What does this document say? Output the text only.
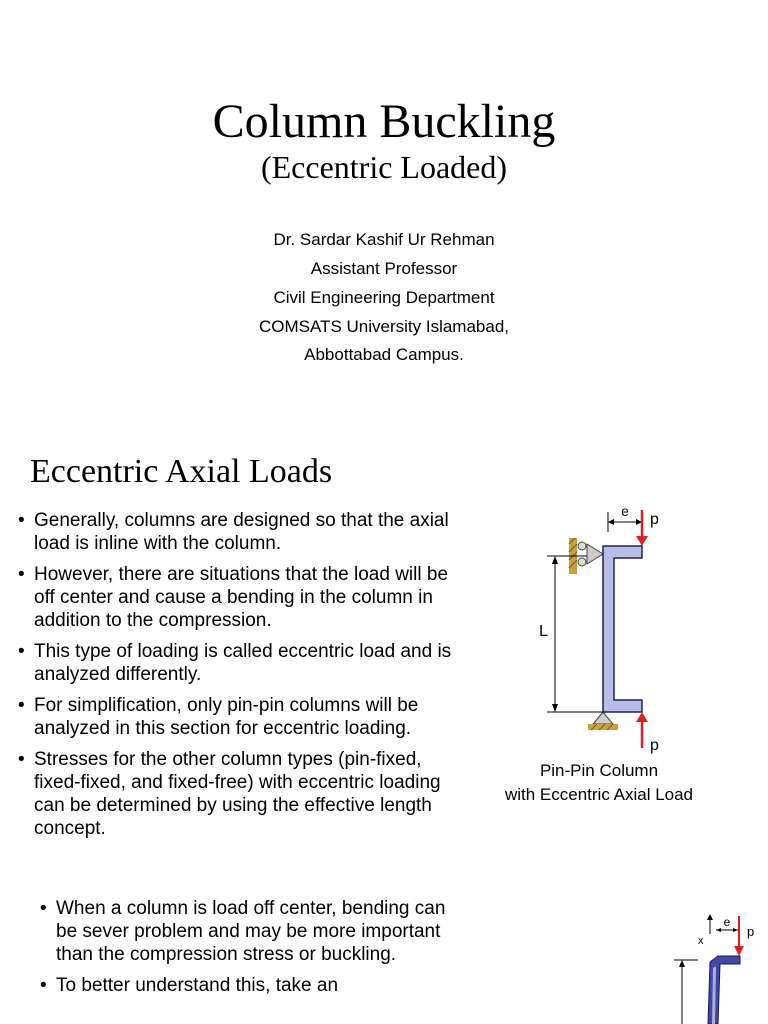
Column Buckling
(Eccentric Loaded)
Dr. Sardar Kashif Ur Rehman
Assistant Professor
Civil Engineering Department
COMSATS University Islamabad,
Abbottabad Campus.
Eccentric Axial Loads
• Generally, columns are designed so that the axial load is inline with the column.
• However, there are situations that the load will be off center and cause a bending in the column in addition to the compression.
• This type of loading is called eccentric load and is analyzed differently.
• For simplification, only pin-pin columns will be analyzed in this section for eccentric loading.
• Stresses for the other column types (pin-fixed, fixed-fixed, and fixed-free) with eccentric loading can be determined by using the effective length concept.
e p
L
p
Pin-Pin Column
with Eccentric Axial Load
• When a column is load off center, bending can be sever problem and may be more important than the compression stress or buckling.
• To better understand this, take an
x
e
p
